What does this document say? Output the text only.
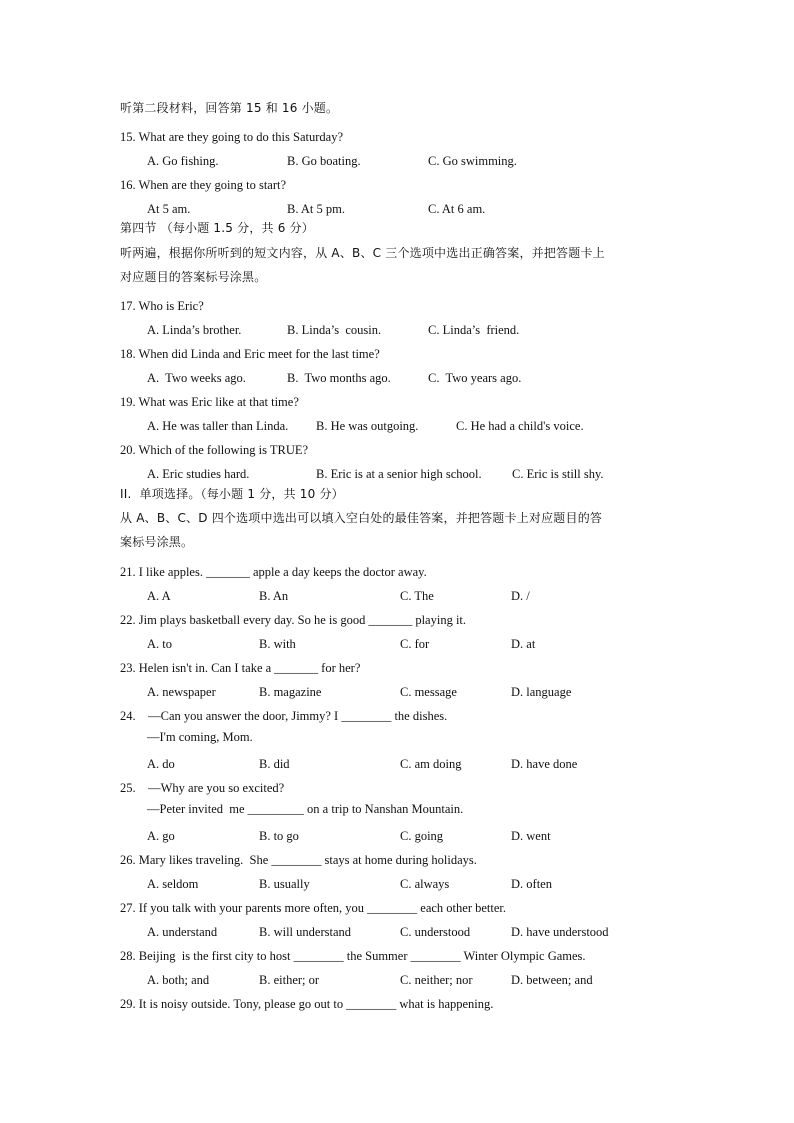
听第二段材料，回答第 15 和 16 小题。
15. What are they going to do this Saturday?
A. Go fishing.	B. Go boating.	C. Go swimming.
16. When are they going to start?
At 5 am.	B. At 5 pm.	C. At 6 am.
第四节 （每小题 1.5 分，共 6 分）
听两遍，根据你所听到的短文内容，从 A、B、C 三个选项中选出正确答案，并把答题卡上
对应题目的答案标号涂黑。
17. Who is Eric?
A. Linda’s brother.	B. Linda’s  cousin.	C. Linda’s  friend.
18. When did Linda and Eric meet for the last time?
A.  Two weeks ago.	B.  Two months ago.	C.  Two years ago.
19. What was Eric like at that time?
A. He was taller than Linda. B. He was outgoing.	C. He had a child's voice.
20. Which of the following is TRUE?
A. Eric studies hard.	B. Eric is at a senior high school. C. Eric is still shy.
II.  单项选择。（每小题 1 分，共 10 分）
从 A、B、C、D 四个选项中选出可以填入空白处的最佳答案，并把答题卡上对应题目的答
案标号涂黑。
21. I like apples. _______ apple a day keeps the doctor away.
A. A	B. An	C. The	D. /
22. Jim plays basketball every day. So he is good _______ playing it.
A. to	B. with	C. for	D. at
23. Helen isn't in. Can I take a _______ for her?
A. newspaper	B. magazine	C. message	D. language
24.    —Can you answer the door, Jimmy? I ________ the dishes.
—I'm coming, Mom.
A. do	B. did	C. am doing	D. have done
25.    —Why are you so excited?
—Peter invited  me _________ on a trip to Nanshan Mountain.
A. go	B. to go	C. going	D. went
26. Mary likes traveling.  She ________ stays at home during holidays.
A. seldom	B. usually	C. always	D. often
27. If you talk with your parents more often, you ________ each other better.
A. understand	B. will understand	C. understood	D. have understood
28. Beijing  is the first city to host ________ the Summer ________ Winter Olympic Games.
A. both; and	B. either; or	C. neither; nor	D. between; and
29. It is noisy outside. Tony, please go out to ________ what is happening.
